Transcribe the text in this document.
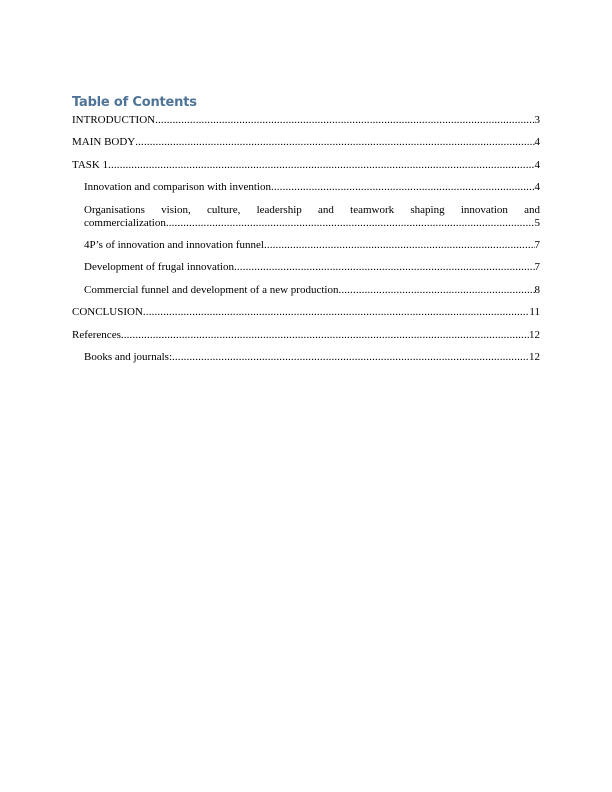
Table of Contents
INTRODUCTION .....	3
MAIN BODY .....	4
TASK 1 .....	4
Innovation and comparison with invention .....	4
Organisations vision, culture, leadership and teamwork shaping innovation and
commercialization .....	5
4P’s of innovation and innovation funnel .....	7
Development of frugal innovation .....	7
Commercial funnel and development of a new production .....	8
CONCLUSION .....	11
References .....	12
Books and journals: .....	12
